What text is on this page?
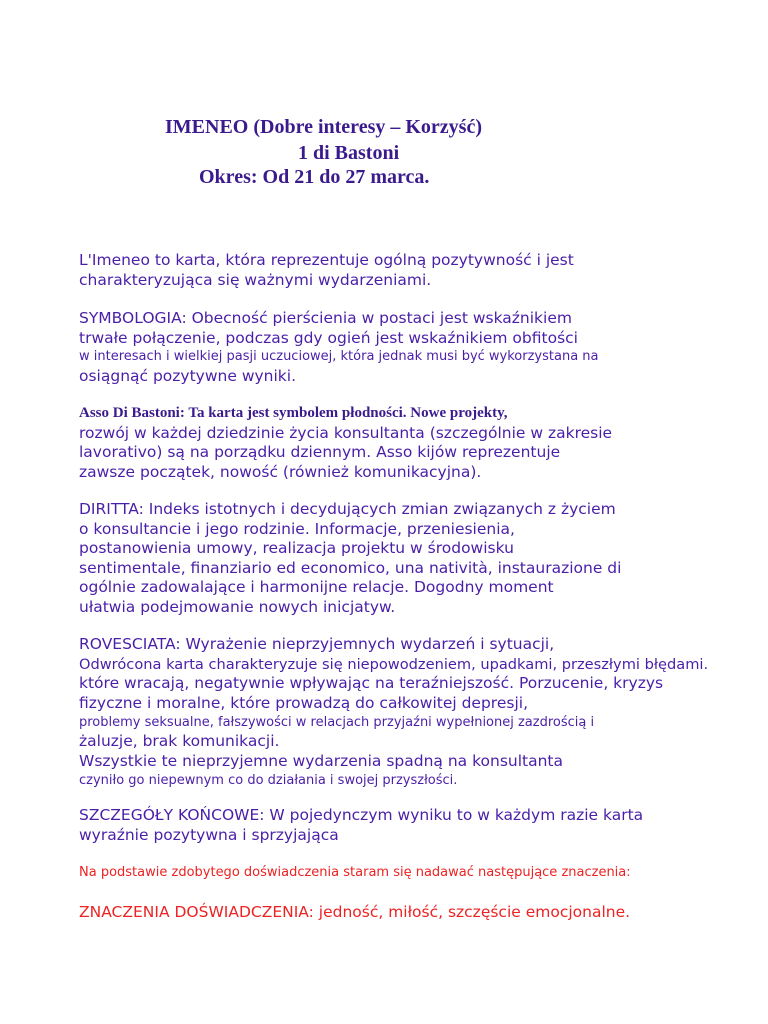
IMENEO (Dobre interesy – Korzyść)
1 di Bastoni
Okres: Od 21 do 27 marca.
L'Imeneo to karta, która reprezentuje ogólną pozytywność i jest
charakteryzująca się ważnymi wydarzeniami.
SYMBOLOGIA: Obecność pierścienia w postaci jest wskaźnikiem
trwałe połączenie, podczas gdy ogień jest wskaźnikiem obfitości
w interesach i wielkiej pasji uczuciowej, która jednak musi być wykorzystana na
osiągnąć pozytywne wyniki.
Asso Di Bastoni: Ta karta jest symbolem płodności. Nowe projekty,
rozwój w każdej dziedzinie życia konsultanta (szczególnie w zakresie
lavorativo) są na porządku dziennym. Asso kijów reprezentuje
zawsze początek, nowość (również komunikacyjna).
DIRITTA: Indeks istotnych i decydujących zmian związanych z życiem
o konsultancie i jego rodzinie. Informacje, przeniesienia,
postanowienia umowy, realizacja projektu w środowisku
sentimentale, finanziario ed economico, una natività, instaurazione di
ogólnie zadowalające i harmonijne relacje. Dogodny moment
ułatwia podejmowanie nowych inicjatyw.
ROVESCIATA: Wyrażenie nieprzyjemnych wydarzeń i sytuacji,
Odwrócona karta charakteryzuje się niepowodzeniem, upadkami, przeszłymi błędami.
które wracają, negatywnie wpływając na teraźniejszość. Porzucenie, kryzys
fizyczne i moralne, które prowadzą do całkowitej depresji,
problemy seksualne, fałszywości w relacjach przyjaźni wypełnionej zazdrością i
żaluzje, brak komunikacji.
Wszystkie te nieprzyjemne wydarzenia spadną na konsultanta
czyniło go niepewnym co do działania i swojej przyszłości.
SZCZEGÓŁY KOŃCOWE: W pojedynczym wyniku to w każdym razie karta
wyraźnie pozytywna i sprzyjająca
Na podstawie zdobytego doświadczenia staram się nadawać następujące znaczenia:
ZNACZENIA DOŚWIADCZENIA: jedność, miłość, szczęście emocjonalne.
